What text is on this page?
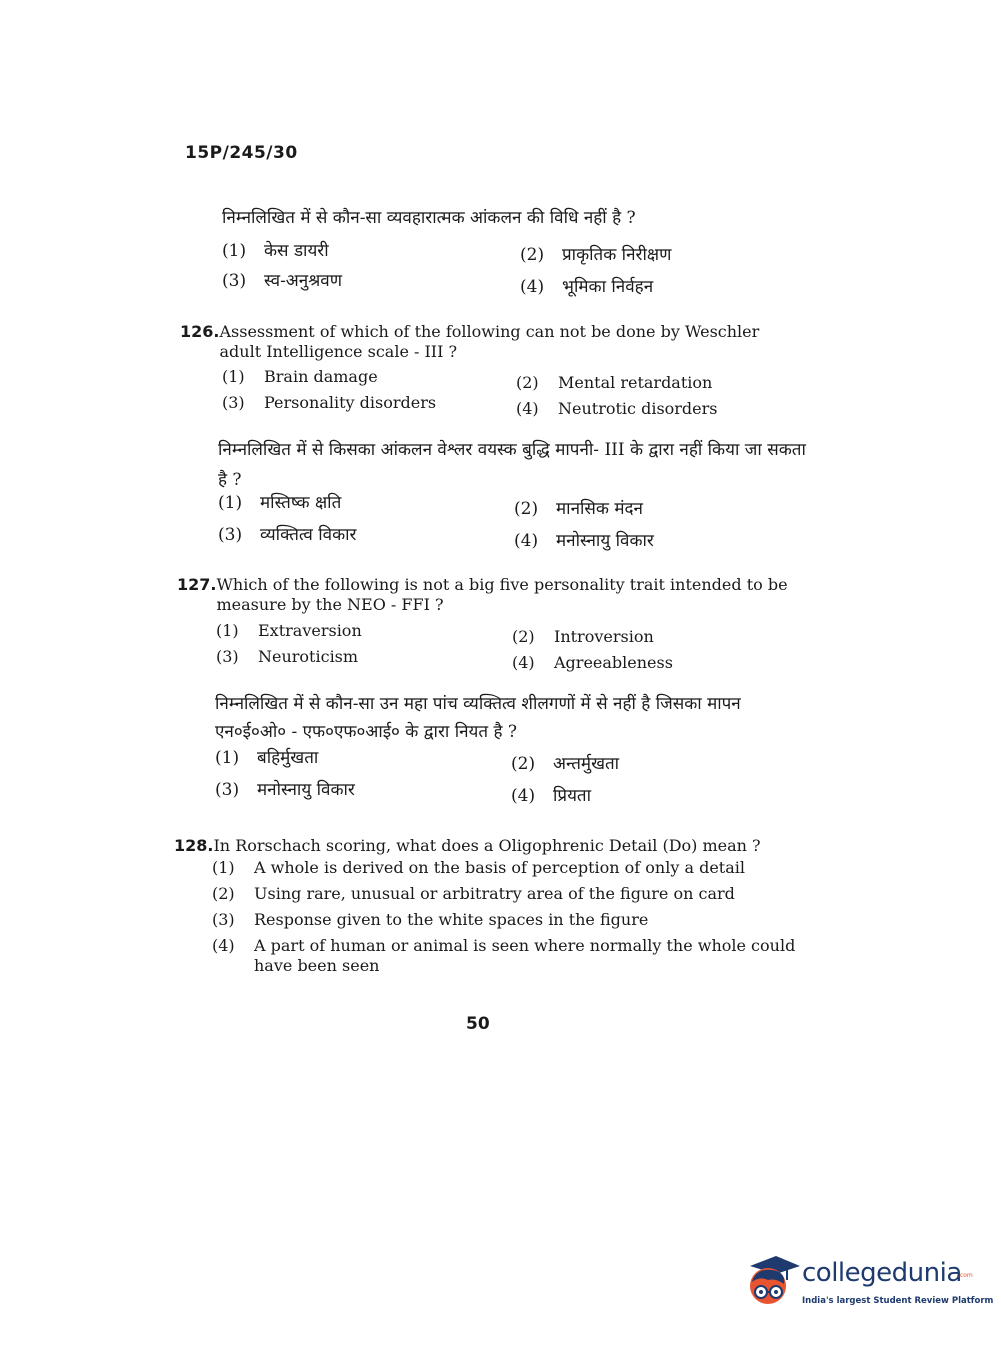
15P/245/30
निम्नलिखित में से कौन-सा व्यवहारात्मक आंकलन की विधि नहीं है ?
(1) केस डायरी	(2) प्राकृतिक निरीक्षण
(3) स्व-अनुश्रवण	(4) भूमिका निर्वहन
126. Assessment of which of the following can not be done by Weschler adult Intelligence scale - III ?
(1) Brain damage	(2) Mental retardation
(3) Personality disorders	(4) Neutrotic disorders
निम्नलिखित में से किसका आंकलन वेश्लर वयस्क बुद्धि मापनी- III के द्वारा नहीं किया जा सकता है ?
(1) मस्तिष्क क्षति	(2) मानसिक मंदन
(3) व्यक्तित्व विकार	(4) मनोस्नायु विकार
127. Which of the following is not a big five personality trait intended to be measure by the NEO - FFI ?
(1) Extraversion	(2) Introversion
(3) Neuroticism	(4) Agreeableness
निम्नलिखित में से कौन-सा उन महा पांच व्यक्तित्व शीलगणों में से नहीं है जिसका मापन एन०ई०ओ० - एफ०एफ०आई० के द्वारा नियत है ?
(1) बहिर्मुखता	(2) अन्तर्मुखता
(3) मनोस्नायु विकार	(4) प्रियता
128. In Rorschach scoring, what does a Oligophrenic Detail (Do) mean ?
(1)	A whole is derived on the basis of perception of only a detail
(2)	Using rare, unusual or arbitratry area of the figure on card
(3)	Response given to the white spaces in the figure
(4)	A part of human or animal is seen where normally the whole could have been seen
50
collegedunia
.com
India's largest Student Review Platform
